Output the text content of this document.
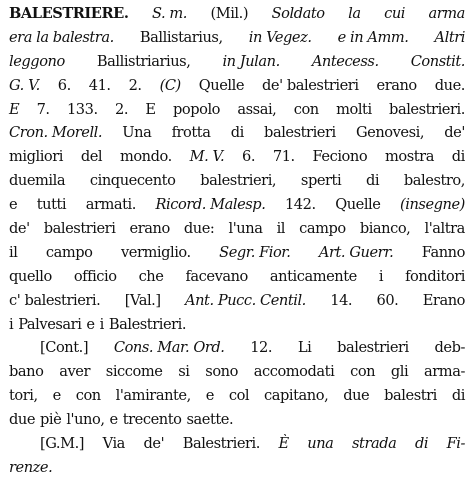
BALESTRIERE. S. m. (Mil.) Soldato la cui arma
era la balestra. Ballistarius, in Vegez. e in Amm. Altri
leggono Ballistriarius, in Julan. Antecess. Constit.
G. V. 6. 41. 2. (C) Quelle de' balestrieri erano due.
E 7. 133. 2. E popolo assai, con molti balestrieri.
Cron. Morell. Una frotta di balestrieri Genovesi, de'
migliori del mondo. M. V. 6. 71. Feciono mostra di
duemila cinquecento balestrieri, sperti di balestro,
e tutti armati. Ricord. Malesp. 142. Quelle (insegne)
de' balestrieri erano due: l'una il campo bianco, l'altra
il campo vermiglio. Segr. Fior. Art. Guerr. Fanno
quello officio che facevano anticamente i fonditori
c' balestrieri. [Val.] Ant. Pucc. Centil. 14. 60. Erano
i Palvesari e i Balestrieri.
[Cont.] Cons. Mar. Ord. 12. Li balestrieri deb-
bano aver siccome si sono accomodati con gli arma-
tori, e con l'amirante, e col capitano, due balestri di
due piè l'uno, e trecento saette.
[G.M.] Via de' Balestrieri. È una strada di Fi-
renze.
